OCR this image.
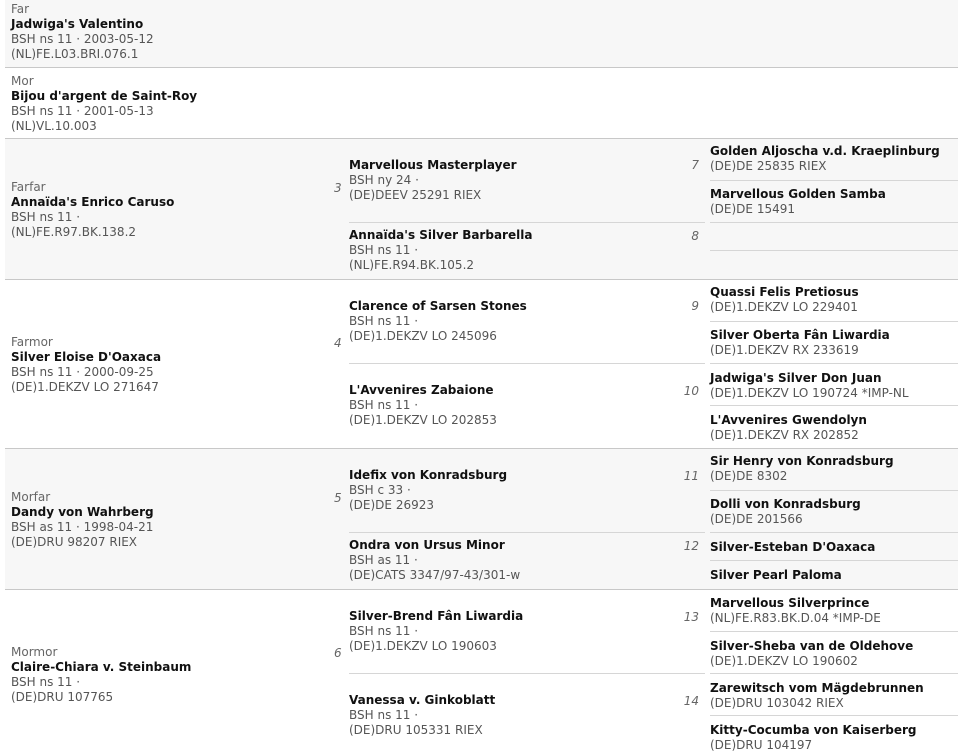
Far
Jadwiga's Valentino
BSH ns 11 · 2003-05-12
(NL)FE.L03.BRI.076.1
Mor
Bijou d'argent de Saint-Roy
BSH ns 11 · 2001-05-13
(NL)VL.10.003
Farfar
Annaïda's Enrico Caruso
BSH ns 11 ·
(NL)FE.R97.BK.138.2
3
Farmor
Silver Eloise D'Oaxaca
BSH ns 11 · 2000-09-25
(DE)1.DEKZV LO 271647
4
Morfar
Dandy von Wahrberg
BSH as 11 · 1998-04-21
(DE)DRU 98207 RIEX
5
Mormor
Claire-Chiara v. Steinbaum
BSH ns 11 ·
(DE)DRU 107765
6
Marvellous Masterplayer
BSH ny 24 ·
(DE)DEEV 25291 RIEX
7
Annaïda's Silver Barbarella
BSH ns 11 ·
(NL)FE.R94.BK.105.2
8
Clarence of Sarsen Stones
BSH ns 11 ·
(DE)1.DEKZV LO 245096
9
L'Avvenires Zabaione
BSH ns 11 ·
(DE)1.DEKZV LO 202853
10
Idefix von Konradsburg
BSH c 33 ·
(DE)DE 26923
11
Ondra von Ursus Minor
BSH as 11 ·
(DE)CATS 3347/97-43/301-w
12
Silver-Brend Fân Liwardia
BSH ns 11 ·
(DE)1.DEKZV LO 190603
13
Vanessa v. Ginkoblatt
BSH ns 11 ·
(DE)DRU 105331 RIEX
14
Golden Aljoscha v.d. Kraeplinburg
(DE)DE 25835 RIEX
Marvellous Golden Samba
(DE)DE 15491
Quassi Felis Pretiosus
(DE)1.DEKZV LO 229401
Silver Oberta Fân Liwardia
(DE)1.DEKZV RX 233619
Jadwiga's Silver Don Juan
(DE)1.DEKZV LO 190724 *IMP-NL
L'Avvenires Gwendolyn
(DE)1.DEKZV RX 202852
Sir Henry von Konradsburg
(DE)DE 8302
Dolli von Konradsburg
(DE)DE 201566
Silver-Esteban D'Oaxaca
Silver Pearl Paloma
Marvellous Silverprince
(NL)FE.R83.BK.D.04 *IMP-DE
Silver-Sheba van de Oldehove
(DE)1.DEKZV LO 190602
Zarewitsch vom Mägdebrunnen
(DE)DRU 103042 RIEX
Kitty-Cocumba von Kaiserberg
(DE)DRU 104197
